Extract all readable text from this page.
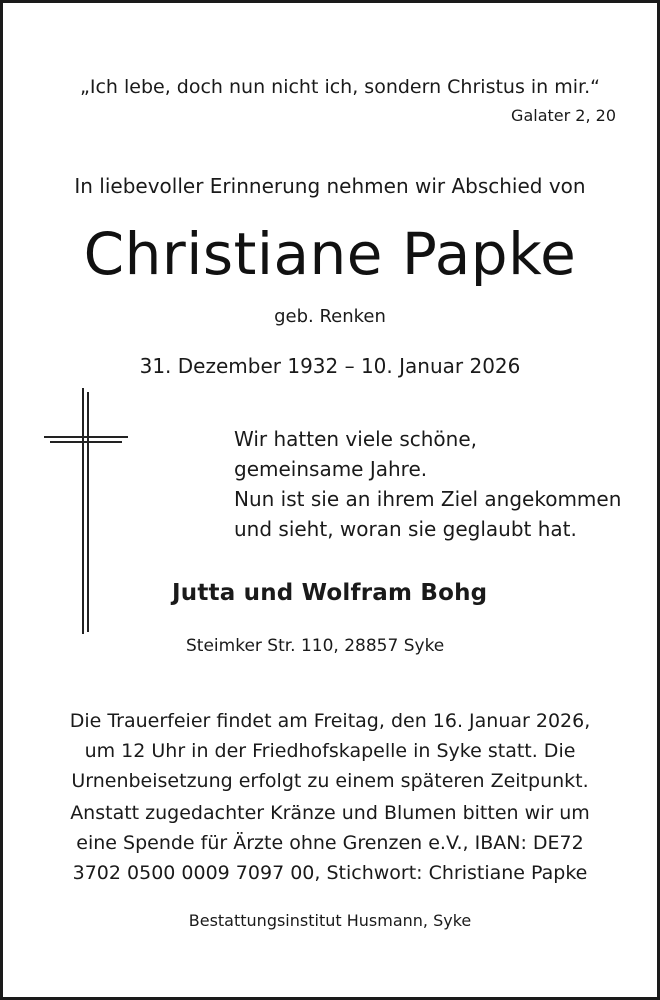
„Ich lebe, doch nun nicht ich, sondern Christus in mir.“
Galater 2, 20
In liebevoller Erinnerung nehmen wir Abschied von
Christiane Papke
geb. Renken
31. Dezember 1932 – 10. Januar 2026
Wir hatten viele schöne,
gemeinsame Jahre.
Nun ist sie an ihrem Ziel angekommen
und sieht, woran sie geglaubt hat.
Jutta und Wolfram Bohg
Steimker Str. 110, 28857 Syke
Die Trauerfeier findet am Freitag, den 16. Januar 2026,
um 12 Uhr in der Friedhofskapelle in Syke statt. Die
Urnenbeisetzung erfolgt zu einem späteren Zeitpunkt.
Anstatt zugedachter Kränze und Blumen bitten wir um
eine Spende für Ärzte ohne Grenzen e.V., IBAN: DE72
3702 0500 0009 7097 00, Stichwort: Christiane Papke
Bestattungsinstitut Husmann, Syke
